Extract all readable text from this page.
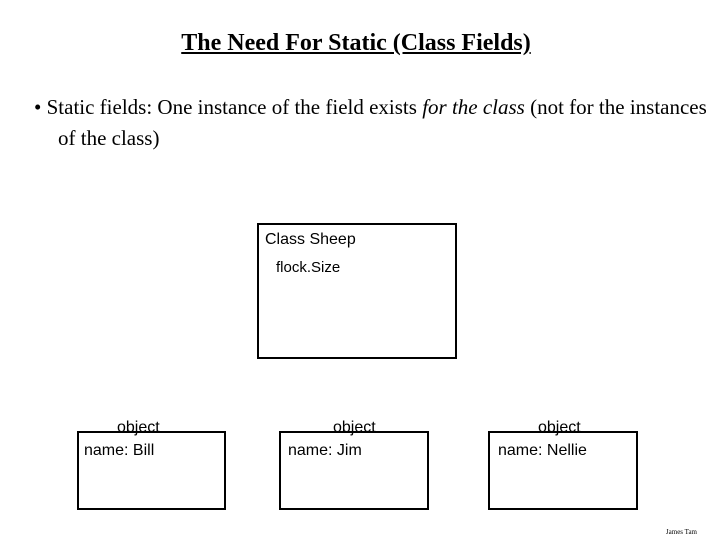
The Need For Static (Class Fields)
• Static fields: One instance of the field exists for the class (not for the instances of the class)
Class Sheep
flock.Size
object
name: Bill
object
name: Jim
object
name: Nellie
James Tam
